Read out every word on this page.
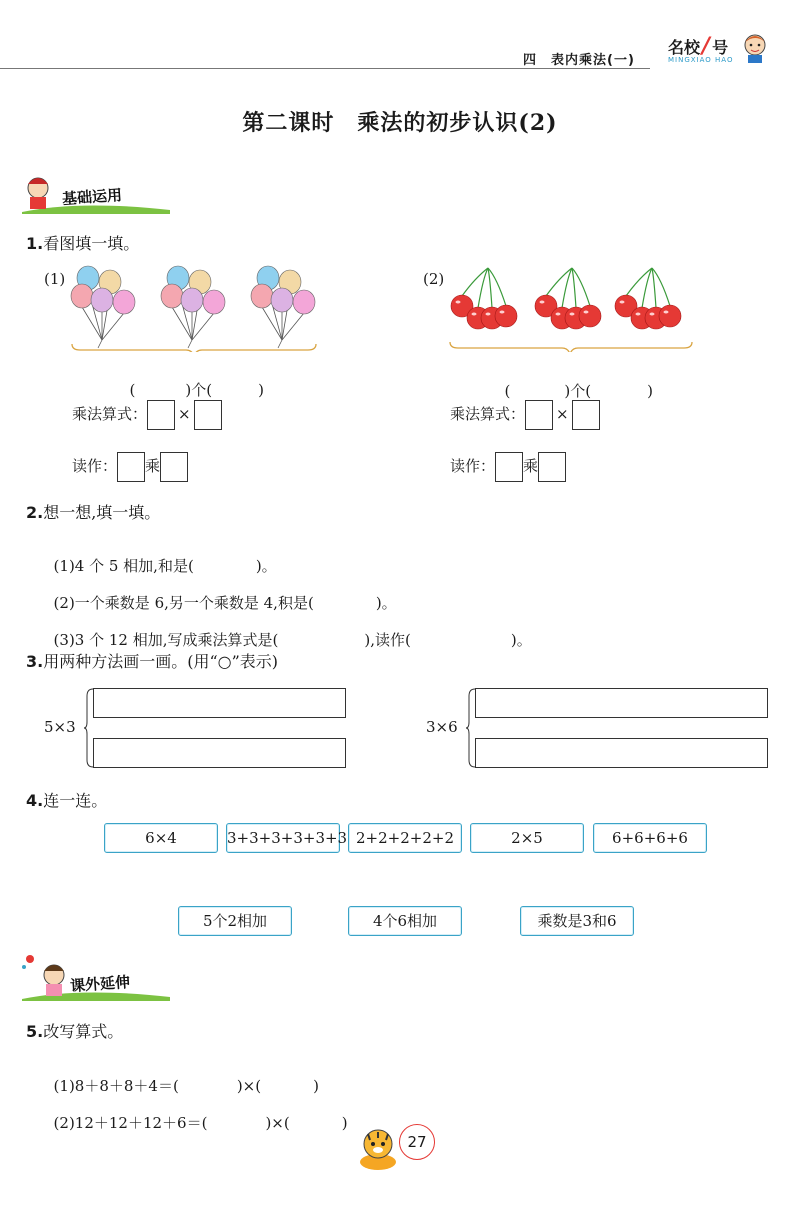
四　表内乘法(一)
名校/ 号
MINGXIAO HAO
第二课时　乘法的初步认识(2)
基础运用
1.看图填一填。
(1)	(2)

(	)个(	)	(	)个(	)

乘法算式： ×	乘法算式： ×
读作： 乘	读作： 乘
2.想一想,填一填。

(1)4 个 5 相加,和是(	)。

(2)一个乘数是 6,另一个乘数是 4,积是(	)。

(3)3 个 12 相加,写成乘法算式是(	),读作(	)。

3.用两种方法画一画。(用“○”表示)
5×3	3×6
4.连一连。
6×4	3+3+3+3+3+3 2+2+2+2+2	2×5	6+6+6+6
5个2相加	4个6相加	乘数是3和6
课外延伸
5.改写算式。

(1)8＋8＋8＋4＝(	)×(	)

(2)12＋12＋12＋6＝(	)×(	)

27
